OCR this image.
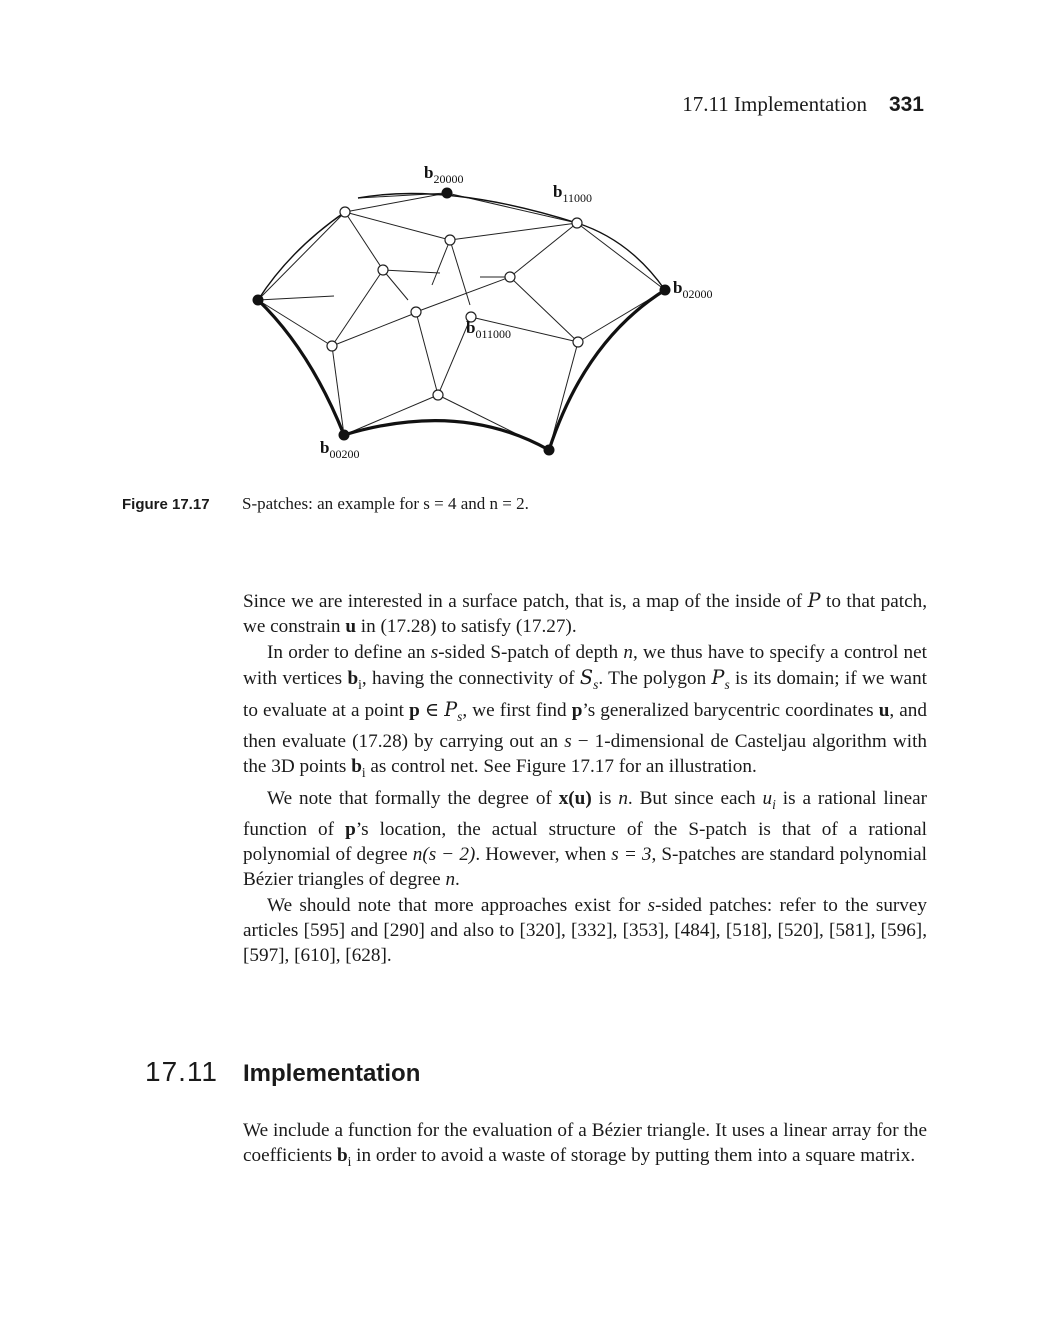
17.11 Implementation 331
$b_{20000}$
$b_{11000}$
$b_{02000}$
$b_{011000}$
$b_{00200}$
Figure 17.17 S-patches: an example for s = 4 and n = 2.

Since we are interested in a surface patch, that is, a map of the inside of P to that patch, we constrain u in (17.28) to satisfy (17.27).

In order to define an s-sided S-patch of depth n, we thus have to specify a control net with vertices $b_i$, having the connectivity of $S_s$. The polygon $P_s$ is its domain; if we want to evaluate at a point p ∈ $P_s$, we first find p’s generalized barycentric coordinates u, and then evaluate (17.28) by carrying out an s − 1-dimensional de Casteljau algorithm with the 3D points $b_i$ as control net. See Figure 17.17 for an illustration.

We note that formally the degree of x(u) is n. But since each $u_i$ is a rational linear function of p’s location, the actual structure of the S-patch is that of a rational polynomial of degree n(s − 2). However, when s = 3, S-patches are standard polynomial Bézier triangles of degree n.

We should note that more approaches exist for s-sided patches: refer to the survey articles [595] and [290] and also to [320], [332], [353], [484], [518], [520], [581], [596], [597], [610], [628].

17.11	Implementation

We include a function for the evaluation of a Bézier triangle. It uses a linear array for the coefficients $b_i$ in order to avoid a waste of storage by putting them into a square matrix.
